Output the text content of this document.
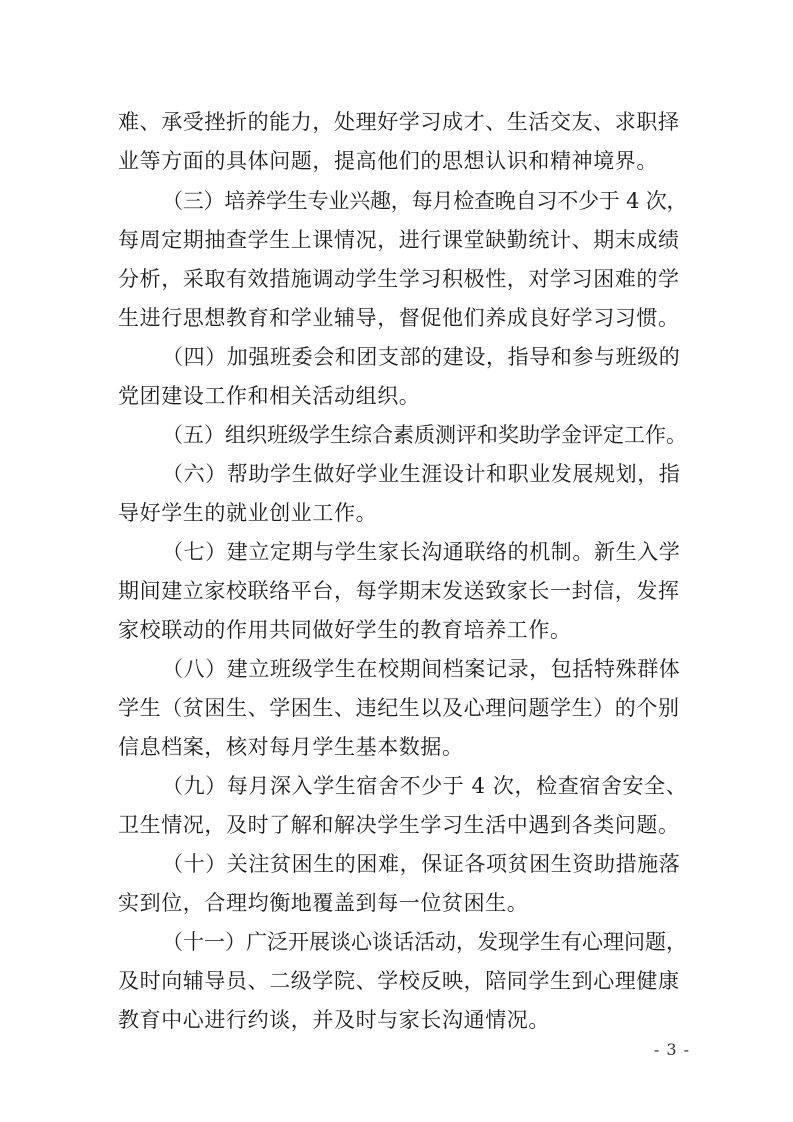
难、承受挫折的能力，处理好学习成才、生活交友、求职择
业等方面的具体问题，提高他们的思想认识和精神境界。
（三）培养学生专业兴趣，每月检查晚自习不少于 4 次，
每周定期抽查学生上课情况，进行课堂缺勤统计、期末成绩
分析，采取有效措施调动学生学习积极性，对学习困难的学
生进行思想教育和学业辅导，督促他们养成良好学习习惯。
（四）加强班委会和团支部的建设，指导和参与班级的
党团建设工作和相关活动组织。
（五）组织班级学生综合素质测评和奖助学金评定工作。
（六）帮助学生做好学业生涯设计和职业发展规划，指
导好学生的就业创业工作。
（七）建立定期与学生家长沟通联络的机制。新生入学
期间建立家校联络平台，每学期末发送致家长一封信，发挥
家校联动的作用共同做好学生的教育培养工作。
（八）建立班级学生在校期间档案记录，包括特殊群体
学生（贫困生、学困生、违纪生以及心理问题学生）的个别
信息档案，核对每月学生基本数据。
（九）每月深入学生宿舍不少于 4 次，检查宿舍安全、
卫生情况，及时了解和解决学生学习生活中遇到各类问题。
（十）关注贫困生的困难，保证各项贫困生资助措施落
实到位，合理均衡地覆盖到每一位贫困生。
（十一）广泛开展谈心谈话活动，发现学生有心理问题，
及时向辅导员、二级学院、学校反映，陪同学生到心理健康
教育中心进行约谈，并及时与家长沟通情况。
- 3 -
